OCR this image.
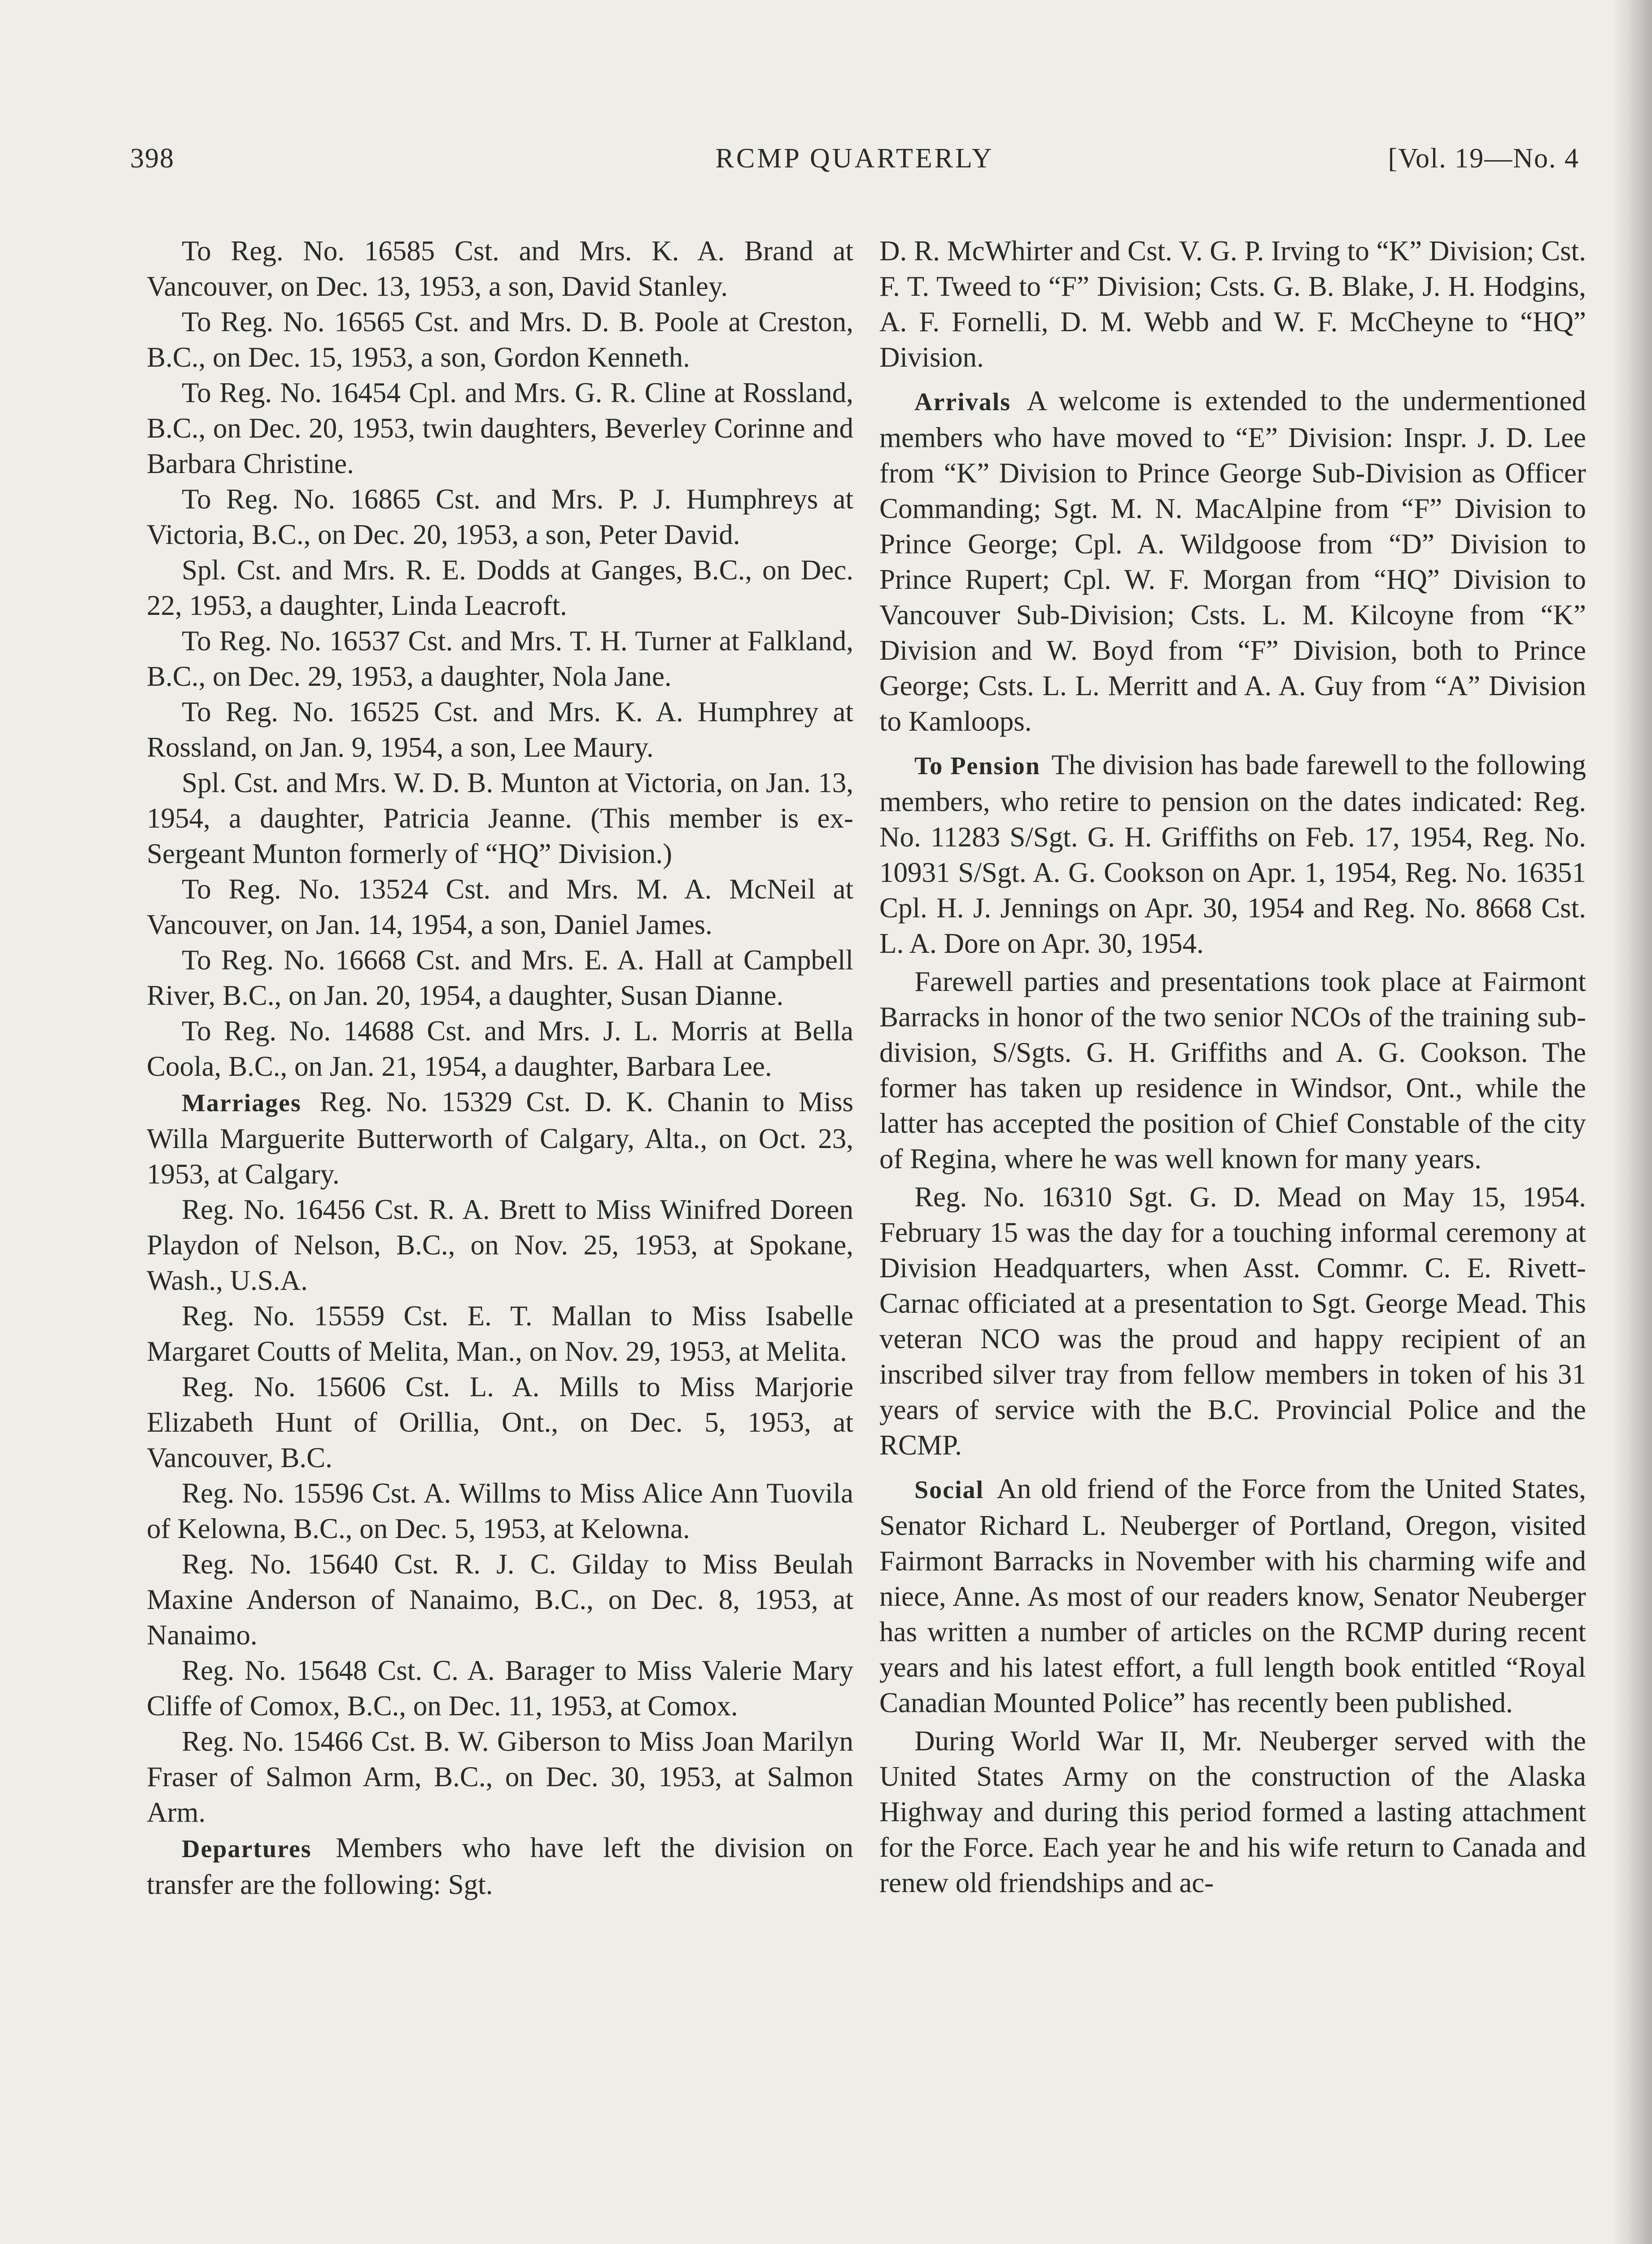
398	RCMP QUARTERLY	[Vol. 19—No. 4

To Reg. No. 16585 Cst. and Mrs. K. A. Brand at Vancouver, on Dec. 13, 1953, a son, David Stanley.

To Reg. No. 16565 Cst. and Mrs. D. B. Poole at Creston, B.C., on Dec. 15, 1953, a son, Gordon Kenneth.

To Reg. No. 16454 Cpl. and Mrs. G. R. Cline at Rossland, B.C., on Dec. 20, 1953, twin daughters, Beverley Corinne and Barbara Christine.

To Reg. No. 16865 Cst. and Mrs. P. J. Humphreys at Victoria, B.C., on Dec. 20, 1953, a son, Peter David.

Spl. Cst. and Mrs. R. E. Dodds at Ganges, B.C., on Dec. 22, 1953, a daughter, Linda Leacroft.

To Reg. No. 16537 Cst. and Mrs. T. H. Turner at Falkland, B.C., on Dec. 29, 1953, a daughter, Nola Jane.

To Reg. No. 16525 Cst. and Mrs. K. A. Humphrey at Rossland, on Jan. 9, 1954, a son, Lee Maury.

Spl. Cst. and Mrs. W. D. B. Munton at Victoria, on Jan. 13, 1954, a daughter, Patricia Jeanne. (This member is ex-Sergeant Munton formerly of “HQ” Division.)

To Reg. No. 13524 Cst. and Mrs. M. A. McNeil at Vancouver, on Jan. 14, 1954, a son, Daniel James.

To Reg. No. 16668 Cst. and Mrs. E. A. Hall at Campbell River, B.C., on Jan. 20, 1954, a daughter, Susan Dianne.

To Reg. No. 14688 Cst. and Mrs. J. L. Morris at Bella Coola, B.C., on Jan. 21, 1954, a daughter, Barbara Lee.

Marriages Reg. No. 15329 Cst. D. K. Chanin to Miss Willa Marguerite Butterworth of Calgary, Alta., on Oct. 23, 1953, at Calgary.

Reg. No. 16456 Cst. R. A. Brett to Miss Winifred Doreen Playdon of Nelson, B.C., on Nov. 25, 1953, at Spokane, Wash., U.S.A.

Reg. No. 15559 Cst. E. T. Mallan to Miss Isabelle Margaret Coutts of Melita, Man., on Nov. 29, 1953, at Melita.

Reg. No. 15606 Cst. L. A. Mills to Miss Marjorie Elizabeth Hunt of Orillia, Ont., on Dec. 5, 1953, at Vancouver, B.C.

Reg. No. 15596 Cst. A. Willms to Miss Alice Ann Tuovila of Kelowna, B.C., on Dec. 5, 1953, at Kelowna.

Reg. No. 15640 Cst. R. J. C. Gilday to Miss Beulah Maxine Anderson of Nanaimo, B.C., on Dec. 8, 1953, at Nanaimo.

Reg. No. 15648 Cst. C. A. Barager to Miss Valerie Mary Cliffe of Comox, B.C., on Dec. 11, 1953, at Comox.

Reg. No. 15466 Cst. B. W. Giberson to Miss Joan Marilyn Fraser of Salmon Arm, B.C., on Dec. 30, 1953, at Salmon Arm.

Departures Members who have left the division on transfer are the following: Sgt.

D. R. McWhirter and Cst. V. G. P. Irving to “K” Division; Cst. F. T. Tweed to “F” Division; Csts. G. B. Blake, J. H. Hodgins, A. F. Fornelli, D. M. Webb and W. F. McCheyne to “HQ” Division.

Arrivals A welcome is extended to the undermentioned members who have moved to “E” Division: Inspr. J. D. Lee from “K” Division to Prince George Sub-Division as Officer Commanding; Sgt. M. N. MacAlpine from “F” Division to Prince George; Cpl. A. Wildgoose from “D” Division to Prince Rupert; Cpl. W. F. Morgan from “HQ” Division to Vancouver Sub-Division; Csts. L. M. Kilcoyne from “K” Division and W. Boyd from “F” Division, both to Prince George; Csts. L. L. Merritt and A. A. Guy from “A” Division to Kamloops.

To Pension The division has bade farewell to the following members, who retire to pension on the dates indicated: Reg. No. 11283 S/Sgt. G. H. Griffiths on Feb. 17, 1954, Reg. No. 10931 S/Sgt. A. G. Cookson on Apr. 1, 1954, Reg. No. 16351 Cpl. H. J. Jennings on Apr. 30, 1954 and Reg. No. 8668 Cst. L. A. Dore on Apr. 30, 1954.

Farewell parties and presentations took place at Fairmont Barracks in honor of the two senior NCOs of the training sub-division, S/Sgts. G. H. Griffiths and A. G. Cookson. The former has taken up residence in Windsor, Ont., while the latter has accepted the position of Chief Constable of the city of Regina, where he was well known for many years.

Reg. No. 16310 Sgt. G. D. Mead on May 15, 1954. February 15 was the day for a touching informal ceremony at Division Headquarters, when Asst. Commr. C. E. Rivett-Carnac officiated at a presentation to Sgt. George Mead. This veteran NCO was the proud and happy recipient of an inscribed silver tray from fellow members in token of his 31 years of service with the B.C. Provincial Police and the RCMP.

Social An old friend of the Force from the United States, Senator Richard L. Neuberger of Portland, Oregon, visited Fairmont Barracks in November with his charming wife and niece, Anne. As most of our readers know, Senator Neuberger has written a number of articles on the RCMP during recent years and his latest effort, a full length book entitled “Royal Canadian Mounted Police” has recently been published.

During World War II, Mr. Neuberger served with the United States Army on the construction of the Alaska Highway and during this period formed a lasting attachment for the Force. Each year he and his wife return to Canada and renew old friendships and ac-
